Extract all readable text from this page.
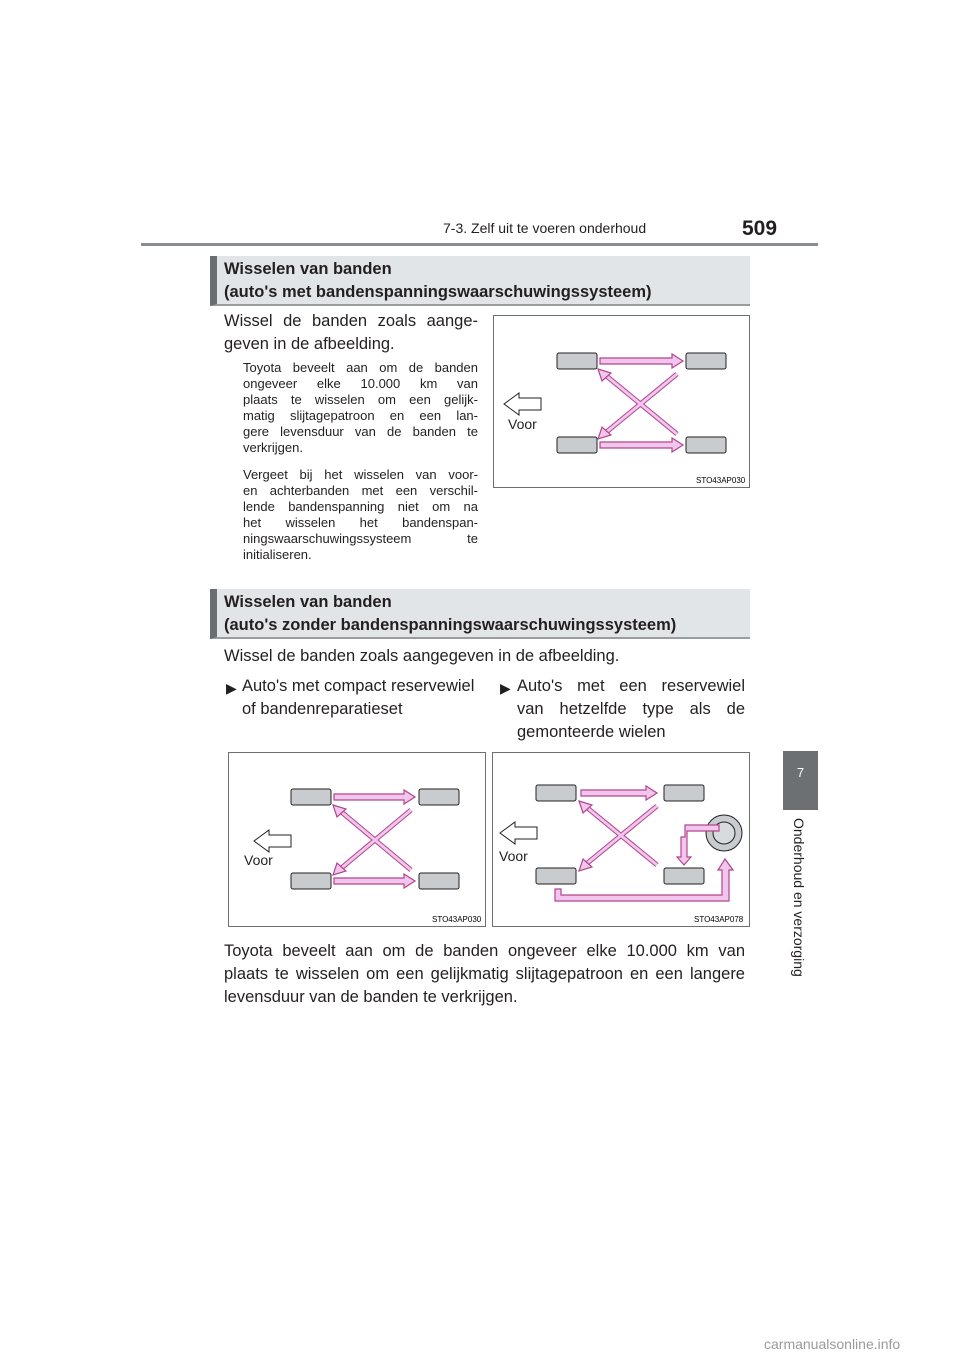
7-3. Zelf uit te voeren onderhoud	509
7
Onderhoud en verzorging
Wisselen van banden
(auto's met bandenspanningswaarschuwingssysteem)
Wissel de banden zoals aange-
geven in de afbeelding.
Toyota beveelt aan om de banden
ongeveer elke 10.000 km van
plaats te wisselen om een gelijk-
matig slijtagepatroon en een lan-
gere levensduur van de banden te
verkrijgen.
Vergeet bij het wisselen van voor-
en achterbanden met een verschil-
lende bandenspanning niet om na
het wisselen het bandenspan-
ningswaarschuwingssysteem te
initialiseren.
Voor
STO43AP030
Wisselen van banden
(auto's zonder bandenspanningswaarschuwingssysteem)
Wissel de banden zoals aangegeven in de afbeelding.
▶ Auto's met compact reservewiel
of bandenreparatieset
▶ Auto's met een reservewiel
van hetzelfde type als de
gemonteerde wielen
Voor
STO43AP030
Voor
STO43AP078
Toyota beveelt aan om de banden ongeveer elke 10.000 km van
plaats te wisselen om een gelijkmatig slijtagepatroon en een langere
levensduur van de banden te verkrijgen.
carmanualsonline.info
